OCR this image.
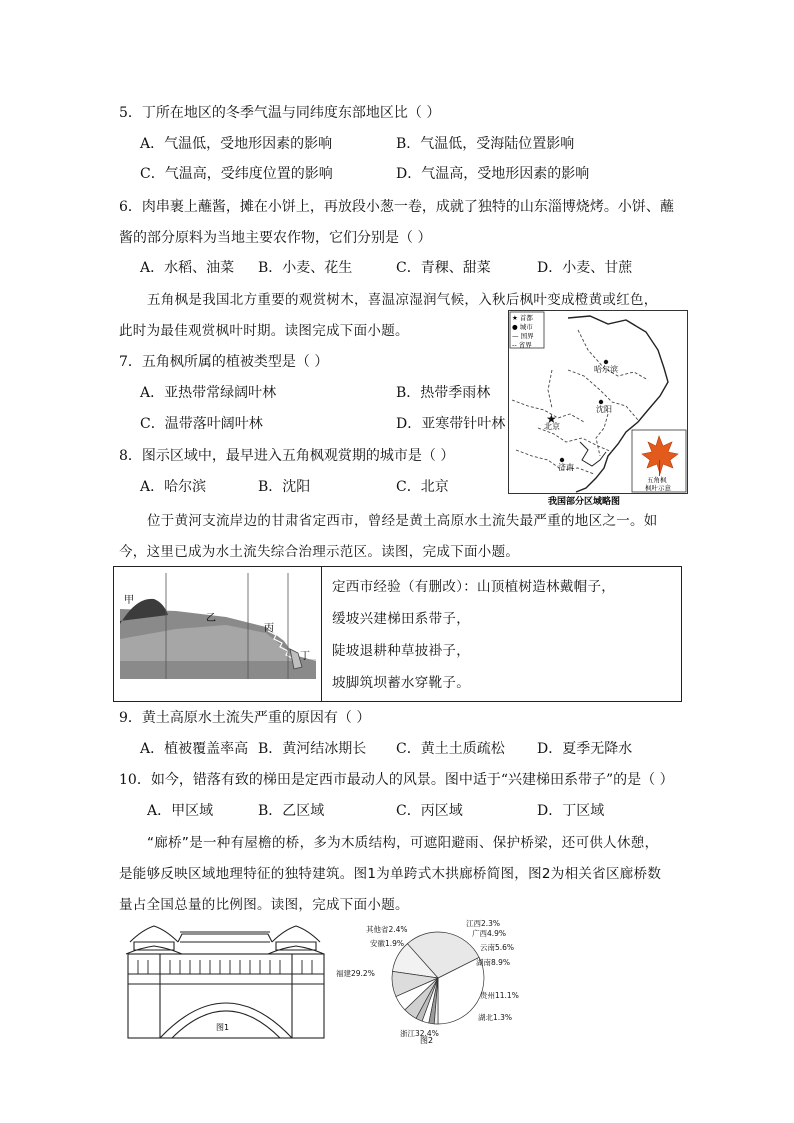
5．丁所在地区的冬季气温与同纬度东部地区比（ ）
A．气温低，受地形因素的影响	B．气温低，受海陆位置影响
C．气温高，受纬度位置的影响	D．气温高，受地形因素的影响
6．肉串裹上蘸酱，摊在小饼上，再放段小葱一卷，成就了独特的山东淄博烧烤。小饼、蘸
酱的部分原料为当地主要农作物，它们分别是（ ）
A．水稻、油菜 B．小麦、花生	C．青稞、甜菜	D．小麦、甘蔗
五角枫是我国北方重要的观赏树木，喜温凉湿润气候，入秋后枫叶变成橙黄或红色，
此时为最佳观赏枫叶时期。读图完成下面小题。
7．五角枫所属的植被类型是（ ）
A．亚热带常绿阔叶林	B．热带季雨林
C．温带落叶阔叶林	D．亚寒带针叶林
8．图示区域中，最早进入五角枫观赏期的城市是（ ）
A．哈尔滨	B．沈阳	C．北京
★ 首都
● 城市
— 国界
-- 省界
哈尔滨
沈阳
★
北京
济南
五角枫
枫叶示意
我国部分区域略图
位于黄河支流岸边的甘肃省定西市，曾经是黄土高原水土流失最严重的地区之一。如
今，这里已成为水土流失综合治理示范区。读图，完成下面小题。
甲
乙
丙
丁
定西市经验（有删改）：山顶植树造林戴帽子，
缓坡兴建梯田系带子，
陡坡退耕种草披褂子，
坡脚筑坝蓄水穿靴子。
9．黄土高原水土流失严重的原因有（ ）
A．植被覆盖率高 B．黄河结冰期长 C．黄土土质疏松 D．夏季无降水
10．如今，错落有致的梯田是定西市最动人的风景。图中适于“兴建梯田系带子”的是（ ）
A．甲区域	B．乙区域	C．丙区域	D．丁区域
“廊桥”是一种有屋檐的桥，多为木质结构，可遮阳避雨、保护桥梁，还可供人休憩，
是能够反映区域地理特征的独特建筑。图1为单跨式木拱廊桥简图，图2为相关省区廊桥数
量占全国总量的比例图。读图，完成下面小题。
图1
浙江32.4%
福建29.2%
贵州11.1%
湖南8.9%
云南5.6%
广西4.9%
江西2.3%
其他省2.4%
安徽1.9%
湖北1.3%
图2
